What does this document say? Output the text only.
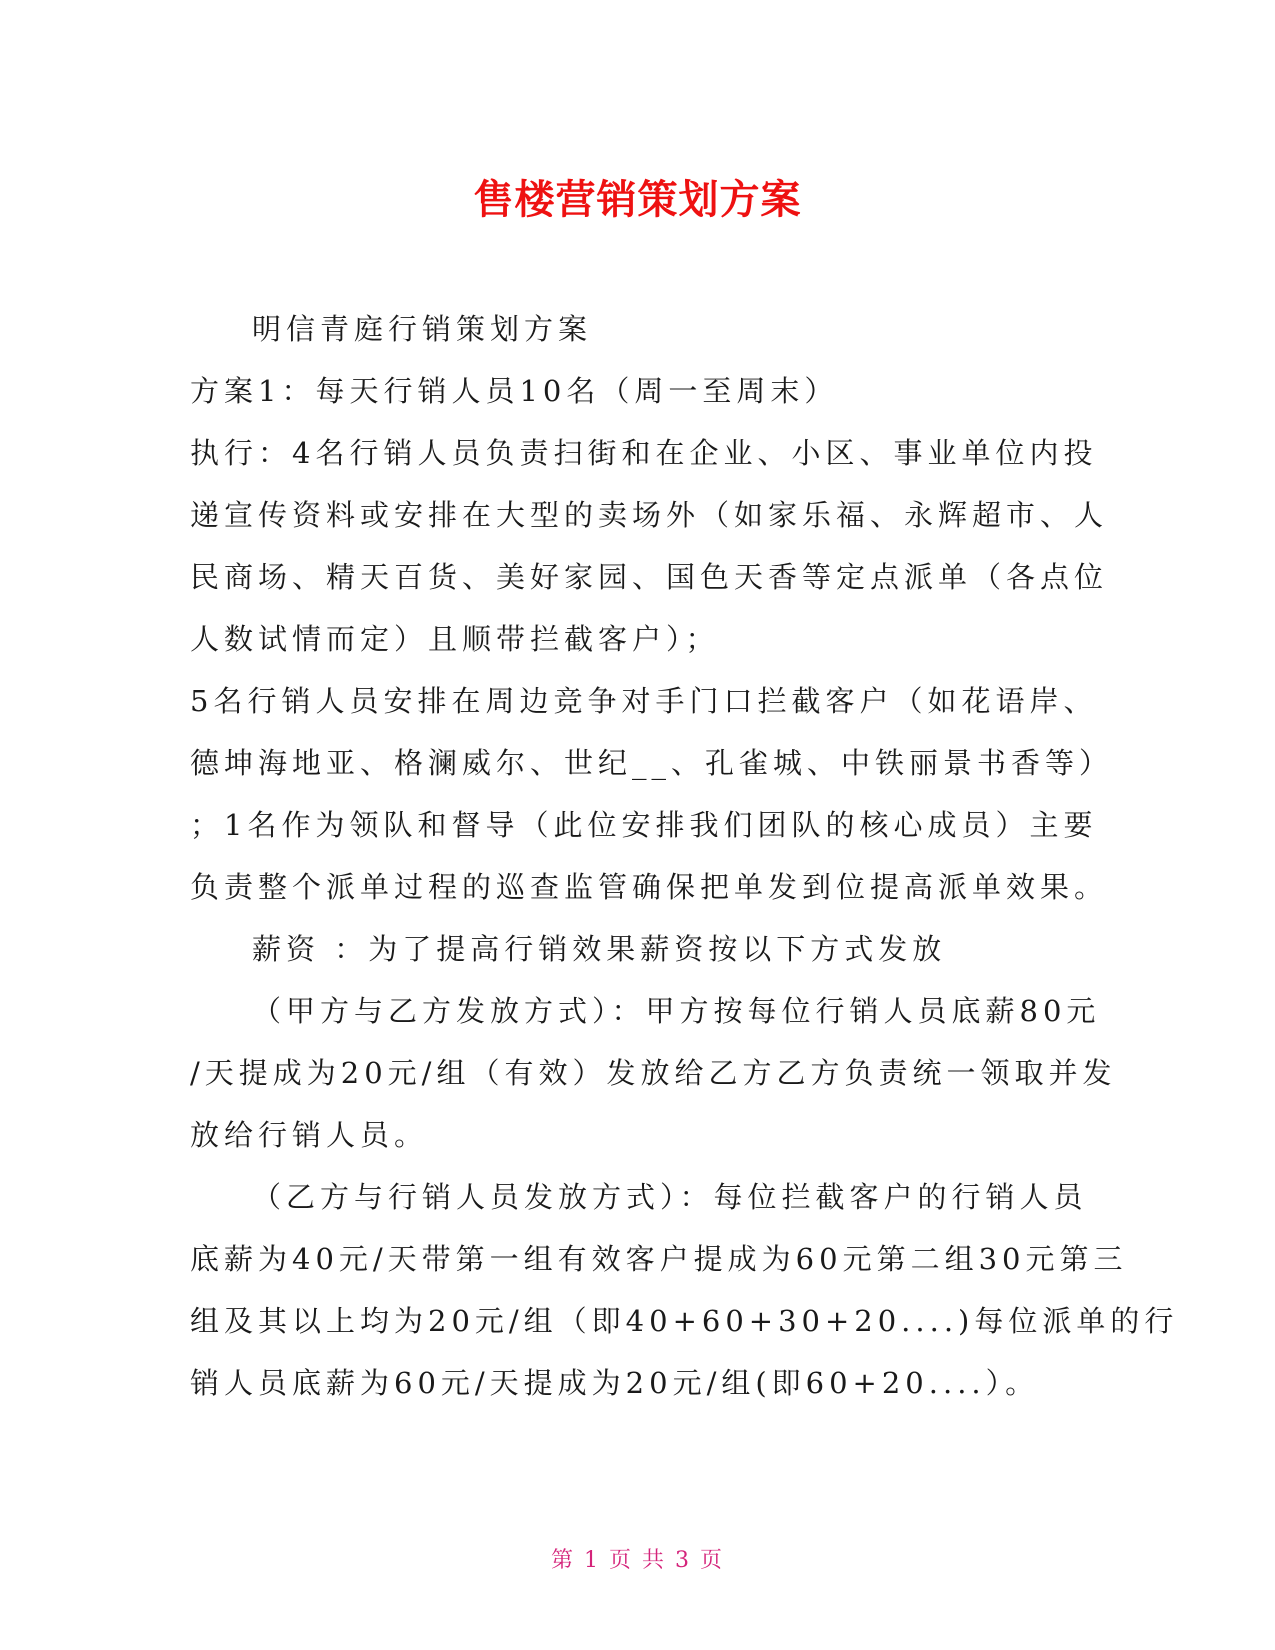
售楼营销策划方案

明信青庭行销策划方案

方案1：每天行销人员10名（周一至周末）

执行：4名行销人员负责扫街和在企业、小区、事业单位内投

递宣传资料或安排在大型的卖场外（如家乐福、永辉超市、人

民商场、精天百货、美好家园、国色天香等定点派单（各点位

人数试情而定）且顺带拦截客户）；

5名行销人员安排在周边竞争对手门口拦截客户（如花语岸、

德坤海地亚、格澜威尔、世纪__、孔雀城、中铁丽景书香等）

；1名作为领队和督导（此位安排我们团队的核心成员）主要

负责整个派单过程的巡查监管确保把单发到位提高派单效果。

薪资 ：为了提高行销效果薪资按以下方式发放

（甲方与乙方发放方式）：甲方按每位行销人员底薪80元

/天提成为20元/组（有效）发放给乙方乙方负责统一领取并发

放给行销人员。

（乙方与行销人员发放方式）：每位拦截客户的行销人员

底薪为40元/天带第一组有效客户提成为60元第二组30元第三

组及其以上均为20元/组（即40+60+30+20....)每位派单的行

销人员底薪为60元/天提成为20元/组(即60+20....）。

第 1 页 共 3 页
